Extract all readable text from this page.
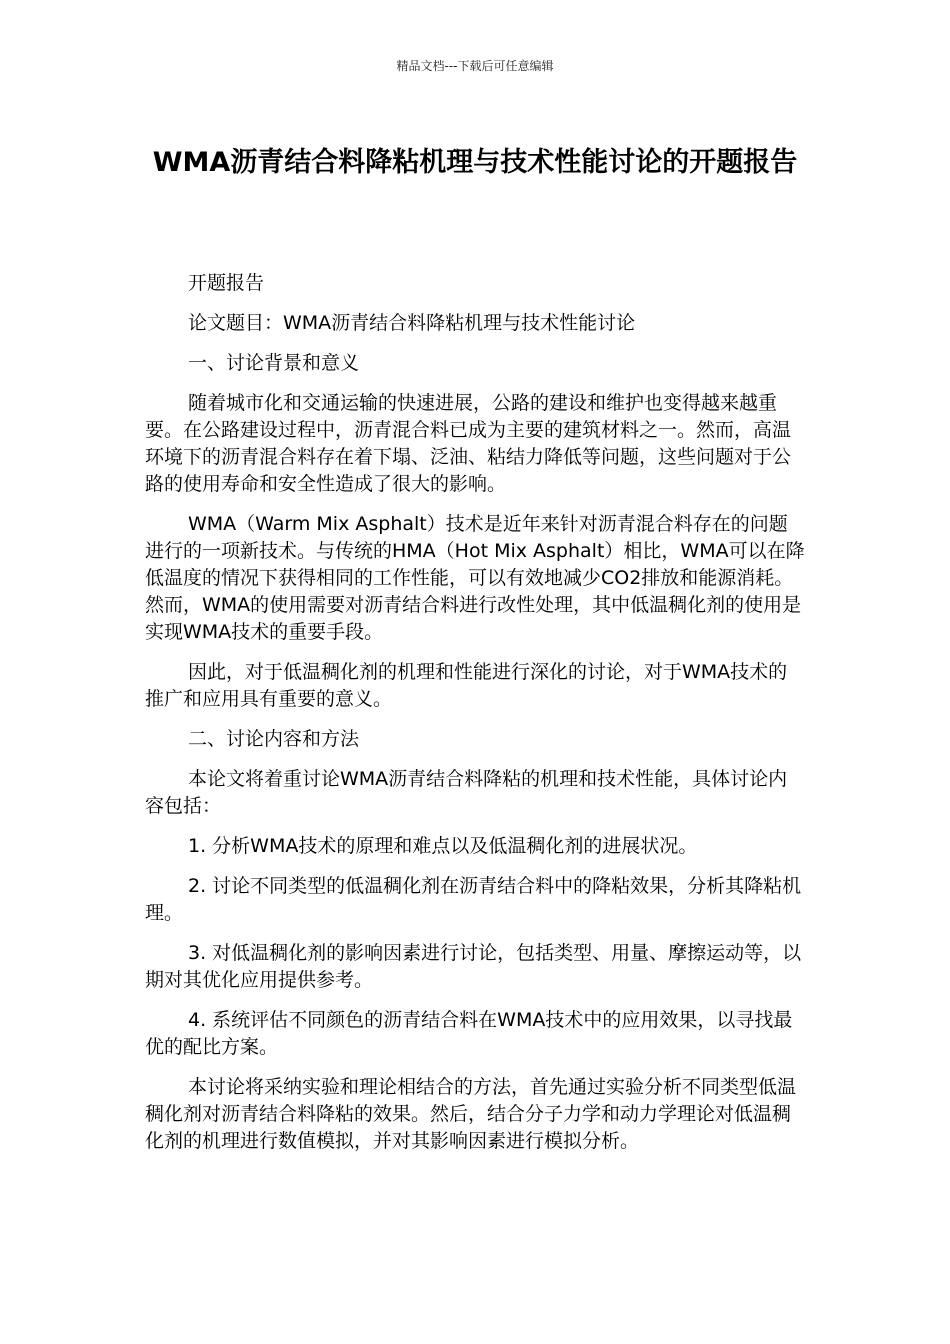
精品文档---下载后可任意编辑
WMA沥青结合料降粘机理与技术性能讨论的开题报告

开题报告

论文题目：WMA沥青结合料降粘机理与技术性能讨论

一、讨论背景和意义

随着城市化和交通运输的快速进展，公路的建设和维护也变得越来越重要。在公路建设过程中，沥青混合料已成为主要的建筑材料之一。然而，高温环境下的沥青混合料存在着下塌、泛油、粘结力降低等问题，这些问题对于公路的使用寿命和安全性造成了很大的影响。

WMA（Warm Mix Asphalt）技术是近年来针对沥青混合料存在的问题进行的一项新技术。与传统的HMA（Hot Mix Asphalt）相比，WMA可以在降低温度的情况下获得相同的工作性能，可以有效地减少CO2排放和能源消耗。然而，WMA的使用需要对沥青结合料进行改性处理，其中低温稠化剂的使用是实现WMA技术的重要手段。

因此，对于低温稠化剂的机理和性能进行深化的讨论，对于WMA技术的推广和应用具有重要的意义。

二、讨论内容和方法

本论文将着重讨论WMA沥青结合料降粘的机理和技术性能，具体讨论内容包括：

1. 分析WMA技术的原理和难点以及低温稠化剂的进展状况。

2. 讨论不同类型的低温稠化剂在沥青结合料中的降粘效果，分析其降粘机理。

3. 对低温稠化剂的影响因素进行讨论，包括类型、用量、摩擦运动等，以期对其优化应用提供参考。

4. 系统评估不同颜色的沥青结合料在WMA技术中的应用效果，以寻找最优的配比方案。

本讨论将采纳实验和理论相结合的方法，首先通过实验分析不同类型低温稠化剂对沥青结合料降粘的效果。然后，结合分子力学和动力学理论对低温稠化剂的机理进行数值模拟，并对其影响因素进行模拟分析。
